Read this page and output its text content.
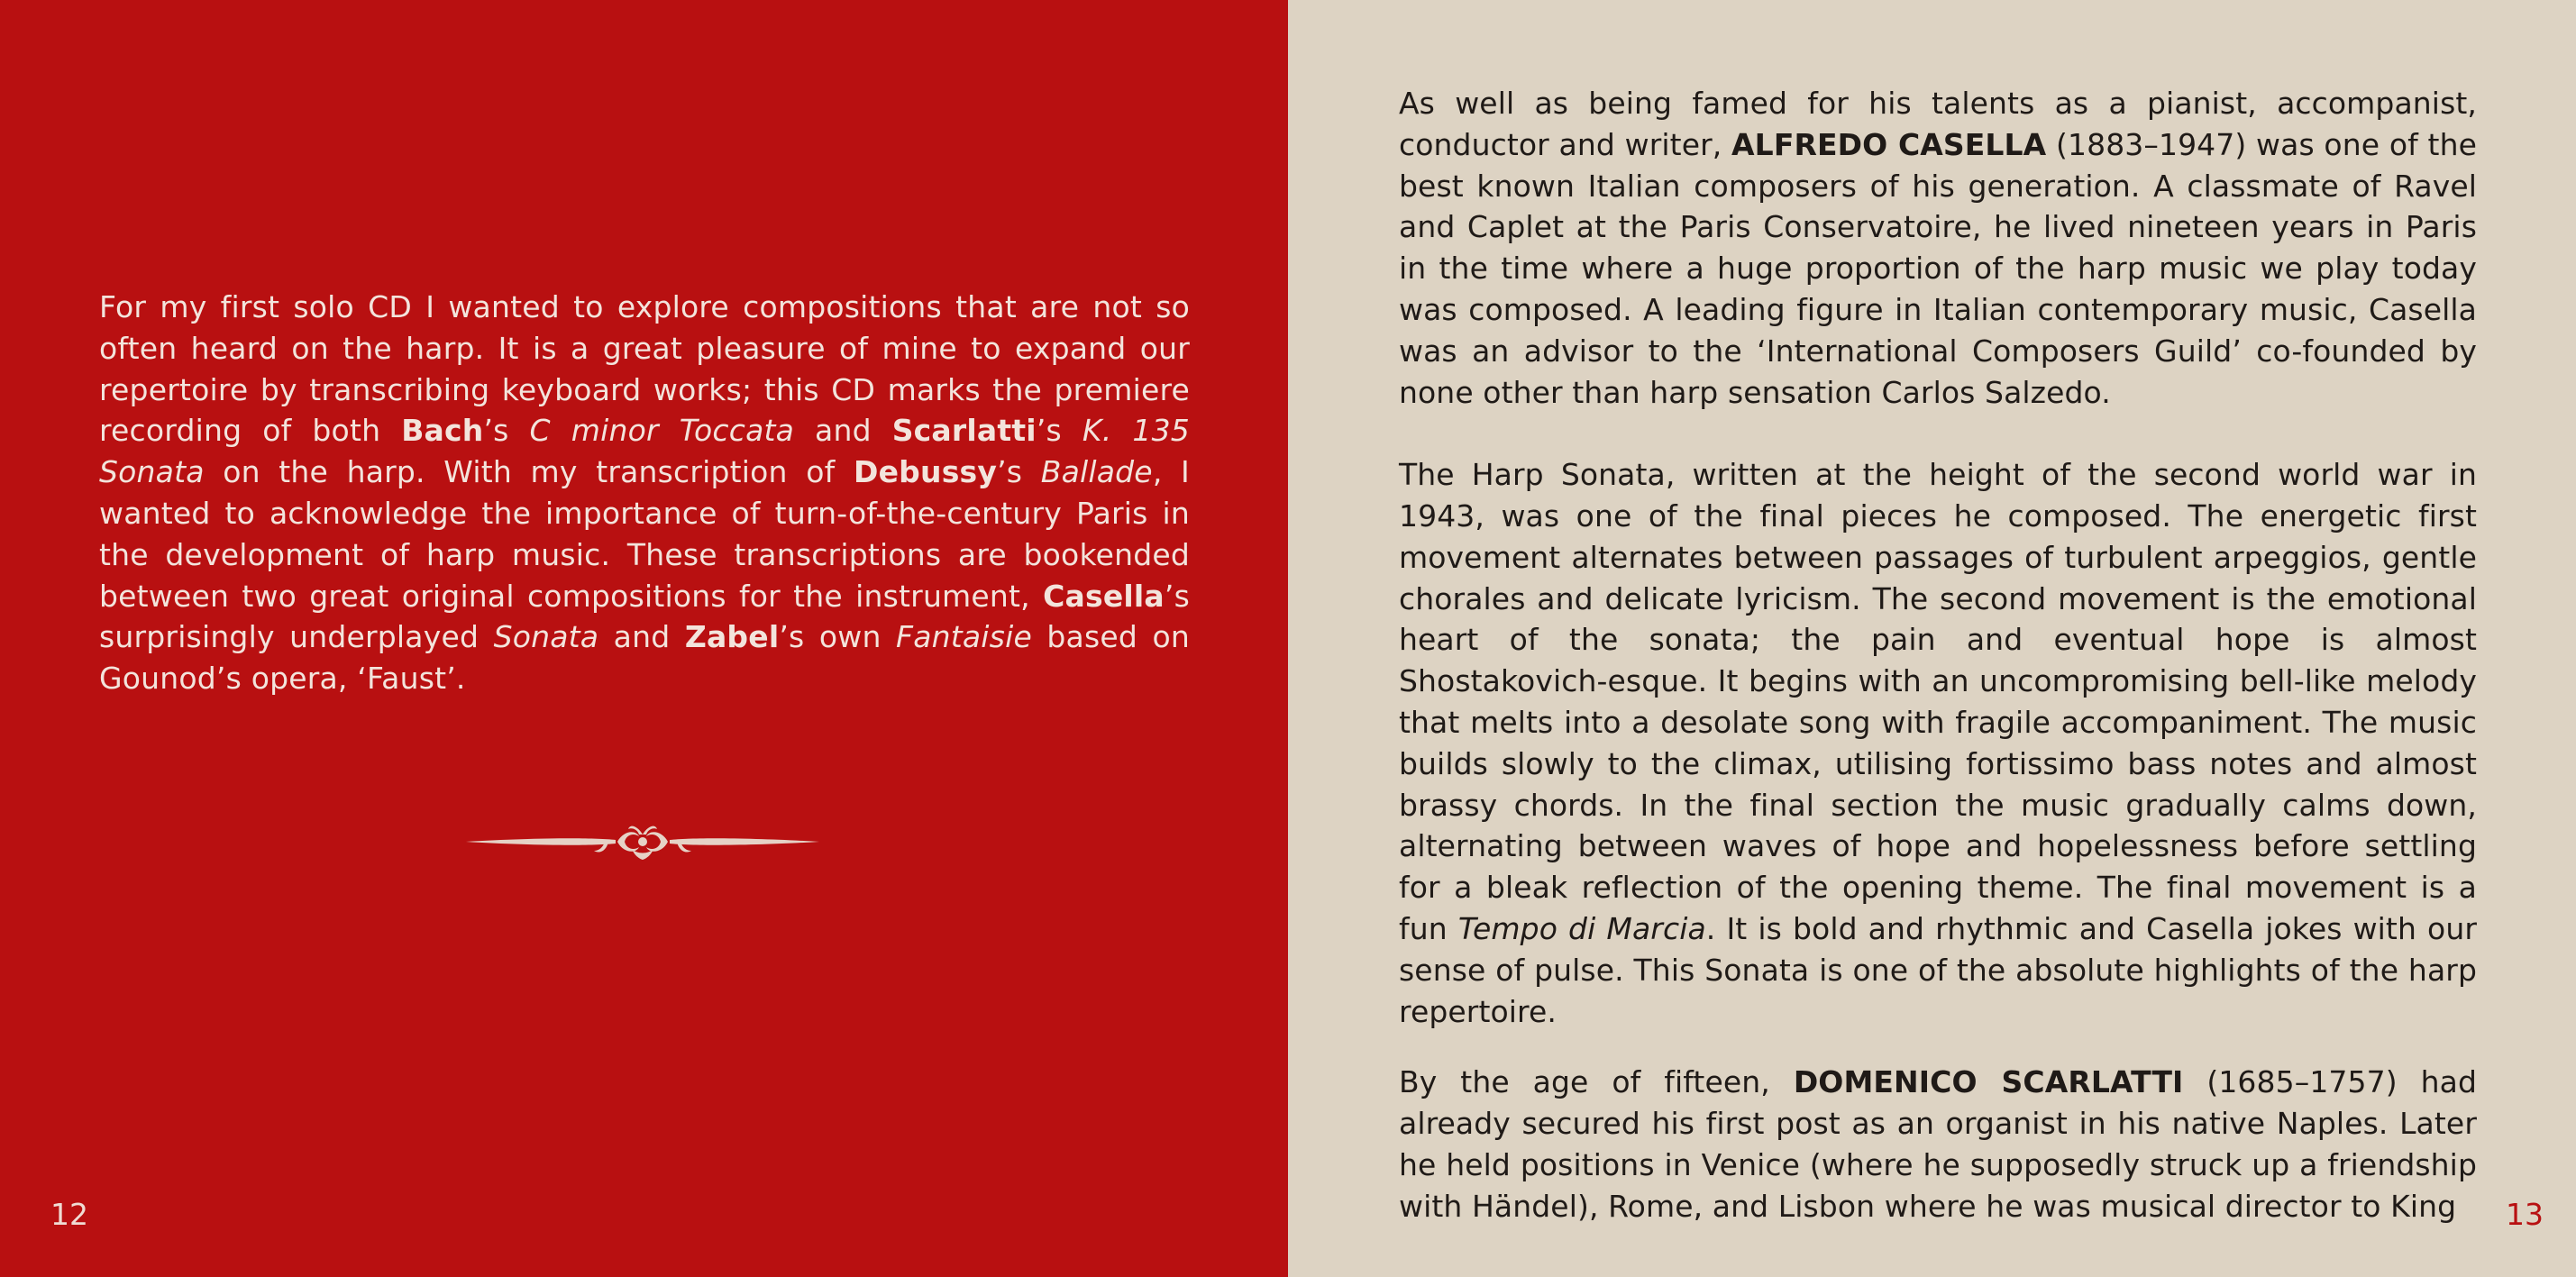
For my first solo CD I wanted to explore compositions that are not so often heard on the harp. It is a great pleasure of mine to expand our repertoire by transcribing keyboard works; this CD marks the premiere recording of both Bach’s C minor Toccata and Scarlatti’s K. 135 Sonata on the harp. With my transcription of Debussy’s Ballade, I wanted to acknowledge the importance of turn-of-the-century Paris in the development of harp music. These transcriptions are bookended between two great original compositions for the instrument, Casella’s surprisingly underplayed Sonata and Zabel’s own Fantaisie based on Gounod’s opera, ‘Faust’.

12

As well as being famed for his talents as a pianist, accompanist, conductor and writer, ALFREDO CASELLA (1883–1947) was one of the best known Italian composers of his generation. A classmate of Ravel and Caplet at the Paris Conservatoire, he lived nineteen years in Paris in the time where a huge proportion of the harp music we play today was composed. A leading figure in Italian contemporary music, Casella was an advisor to the ‘International Composers Guild’ co-founded by none other than harp sensation Carlos Salzedo.

The Harp Sonata, written at the height of the second world war in 1943, was one of the final pieces he composed. The energetic first movement alternates between passages of turbulent arpeggios, gentle chorales and delicate lyricism. The second movement is the emotional heart of the sonata; the pain and eventual hope is almost Shostakovich-esque. It begins with an uncompromising bell-like melody that melts into a desolate song with fragile accompaniment. The music builds slowly to the climax, utilising fortissimo bass notes and almost brassy chords. In the final section the music gradually calms down, alternating between waves of hope and hopelessness before settling for a bleak reflection of the opening theme. The final movement is a fun Tempo di Marcia. It is bold and rhythmic and Casella jokes with our sense of pulse. This Sonata is one of the absolute highlights of the harp repertoire.

By the age of fifteen, DOMENICO SCARLATTI (1685–1757) had already secured his first post as an organist in his native Naples. Later he held positions in Venice (where he supposedly struck up a friendship with Händel), Rome, and Lisbon where he was musical director to King	13
